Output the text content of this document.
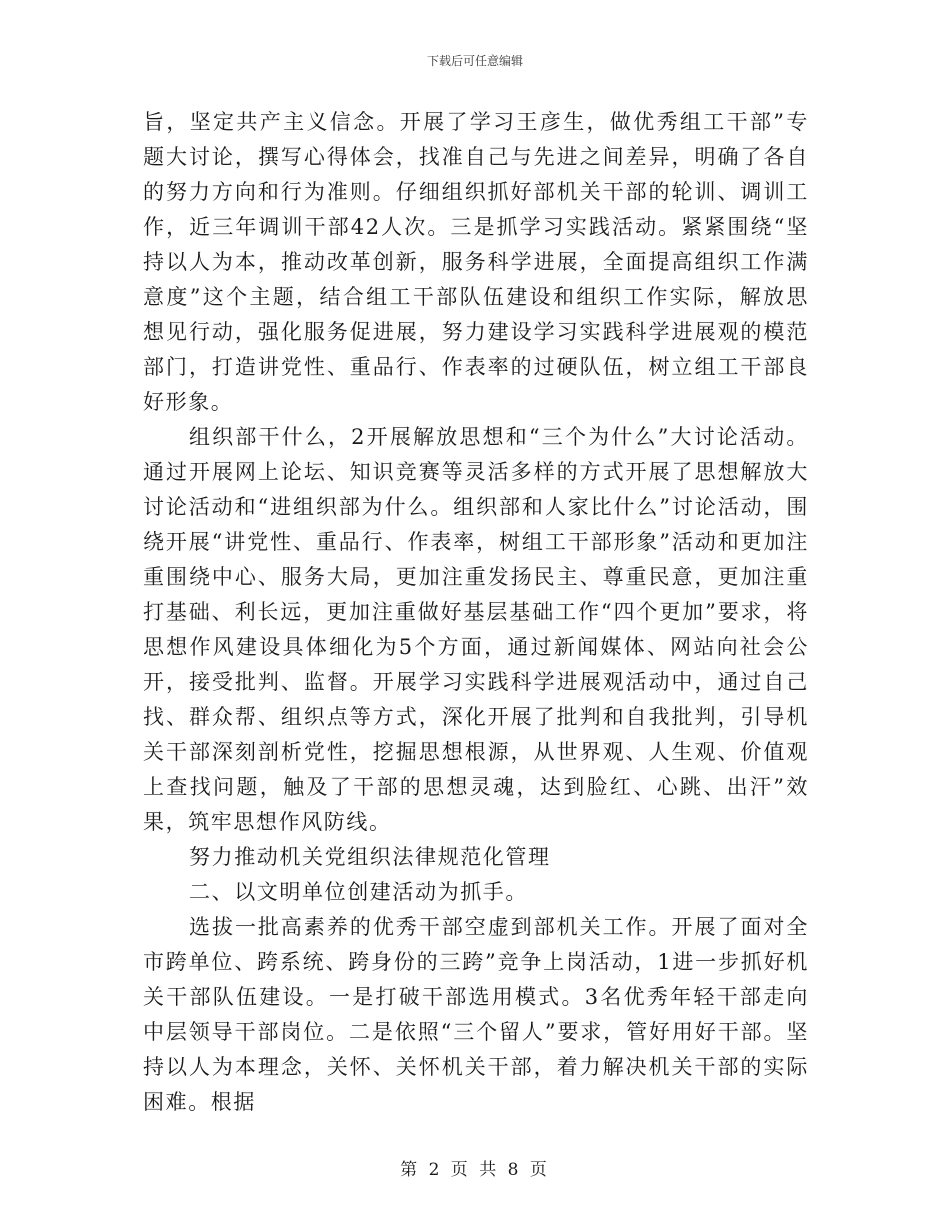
下载后可任意编辑

旨，坚定共产主义信念。开展了学习王彦生，做优秀组工干部”专题大讨论，撰写心得体会，找准自己与先进之间差异，明确了各自的努力方向和行为准则。仔细组织抓好部机关干部的轮训、调训工作，近三年调训干部42人次。三是抓学习实践活动。紧紧围绕“坚持以人为本，推动改革创新，服务科学进展，全面提高组织工作满意度”这个主题，结合组工干部队伍建设和组织工作实际，解放思想见行动，强化服务促进展，努力建设学习实践科学进展观的模范部门，打造讲党性、重品行、作表率的过硬队伍，树立组工干部良好形象。

组织部干什么，2开展解放思想和“三个为什么”大讨论活动。通过开展网上论坛、知识竞赛等灵活多样的方式开展了思想解放大讨论活动和“进组织部为什么。组织部和人家比什么”讨论活动，围绕开展“讲党性、重品行、作表率，树组工干部形象”活动和更加注重围绕中心、服务大局，更加注重发扬民主、尊重民意，更加注重打基础、利长远，更加注重做好基层基础工作“四个更加”要求，将思想作风建设具体细化为5个方面，通过新闻媒体、网站向社会公开，接受批判、监督。开展学习实践科学进展观活动中，通过自己找、群众帮、组织点等方式，深化开展了批判和自我批判，引导机关干部深刻剖析党性，挖掘思想根源，从世界观、人生观、价值观上查找问题，触及了干部的思想灵魂，达到脸红、心跳、出汗”效果，筑牢思想作风防线。

努力推动机关党组织法律规范化管理

二、以文明单位创建活动为抓手。

选拔一批高素养的优秀干部空虚到部机关工作。开展了面对全市跨单位、跨系统、跨身份的三跨”竞争上岗活动，1进一步抓好机关干部队伍建设。一是打破干部选用模式。3名优秀年轻干部走向中层领导干部岗位。二是依照“三个留人”要求，管好用好干部。坚持以人为本理念，关怀、关怀机关干部，着力解决机关干部的实际困难。根据

第 2 页 共 8 页
